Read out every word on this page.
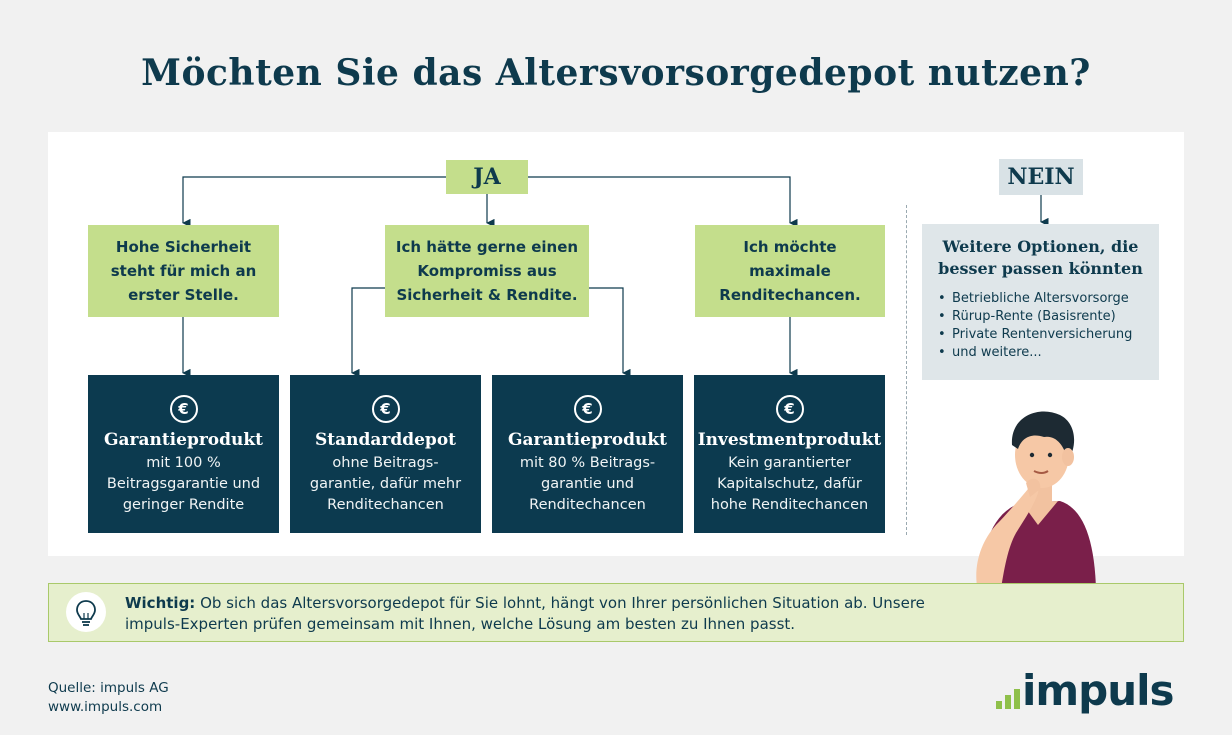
Möchten Sie das Altersvorsorgedepot nutzen?
JA	NEIN
Hohe Sicherheit
steht für mich an
erster Stelle.
Ich hätte gerne einen
Kompromiss aus
Sicherheit & Rendite.
Ich möchte
maximale
Renditechancen.
€
Garantieprodukt
mit 100 %
Beitragsgarantie und
geringer Rendite
€
Standarddepot
ohne Beitrags-
garantie, dafür mehr
Renditechancen
€
Garantieprodukt
mit 80 % Beitrags-
garantie und
Renditechancen
€
Investmentprodukt
Kein garantierter
Kapitalschutz, dafür
hohe Renditechancen
Weitere Optionen, die besser passen könnten
• Betriebliche Altersvorsorge
• Rürup-Rente (Basisrente)
• Private Rentenversicherung
• und weitere...
Wichtig: Ob sich das Altersvorsorgedepot für Sie lohnt, hängt von Ihrer persönlichen Situation ab. Unsere impuls-Experten prüfen gemeinsam mit Ihnen, welche Lösung am besten zu Ihnen passt.
Quelle: impuls AG
www.impuls.com	impuls
